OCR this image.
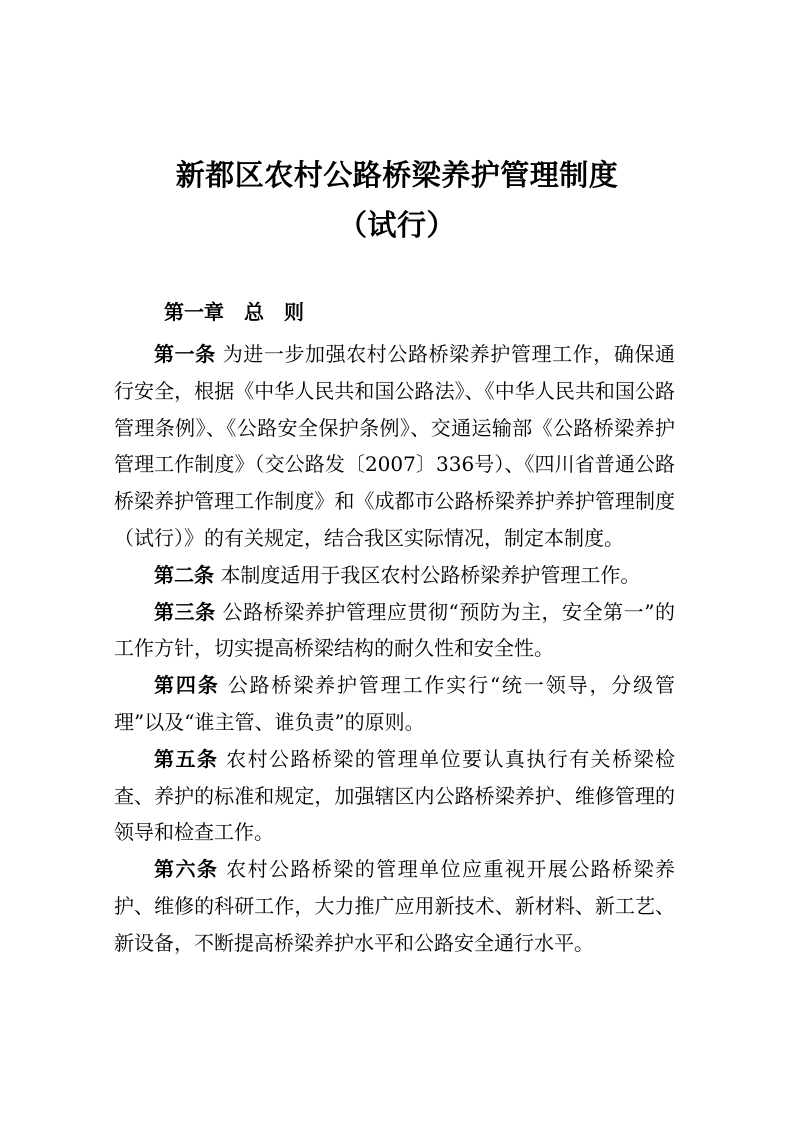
新都区农村公路桥梁养护管理制度
（试行）
第一章　总　则

第一条 为进一步加强农村公路桥梁养护管理工作，确保通行安全，根据《中华人民共和国公路法》、《中华人民共和国公路管理条例》、《公路安全保护条例》、交通运输部《公路桥梁养护管理工作制度》（交公路发〔2007〕336号）、《四川省普通公路桥梁养护管理工作制度》和《成都市公路桥梁养护养护管理制度（试行）》的有关规定，结合我区实际情况，制定本制度。

第二条 本制度适用于我区农村公路桥梁养护管理工作。

第三条 公路桥梁养护管理应贯彻“预防为主，安全第一”的工作方针，切实提高桥梁结构的耐久性和安全性。

第四条 公路桥梁养护管理工作实行“统一领导，分级管理”以及“谁主管、谁负责”的原则。

第五条 农村公路桥梁的管理单位要认真执行有关桥梁检查、养护的标准和规定，加强辖区内公路桥梁养护、维修管理的领导和检查工作。

第六条 农村公路桥梁的管理单位应重视开展公路桥梁养护、维修的科研工作，大力推广应用新技术、新材料、新工艺、新设备，不断提高桥梁养护水平和公路安全通行水平。
